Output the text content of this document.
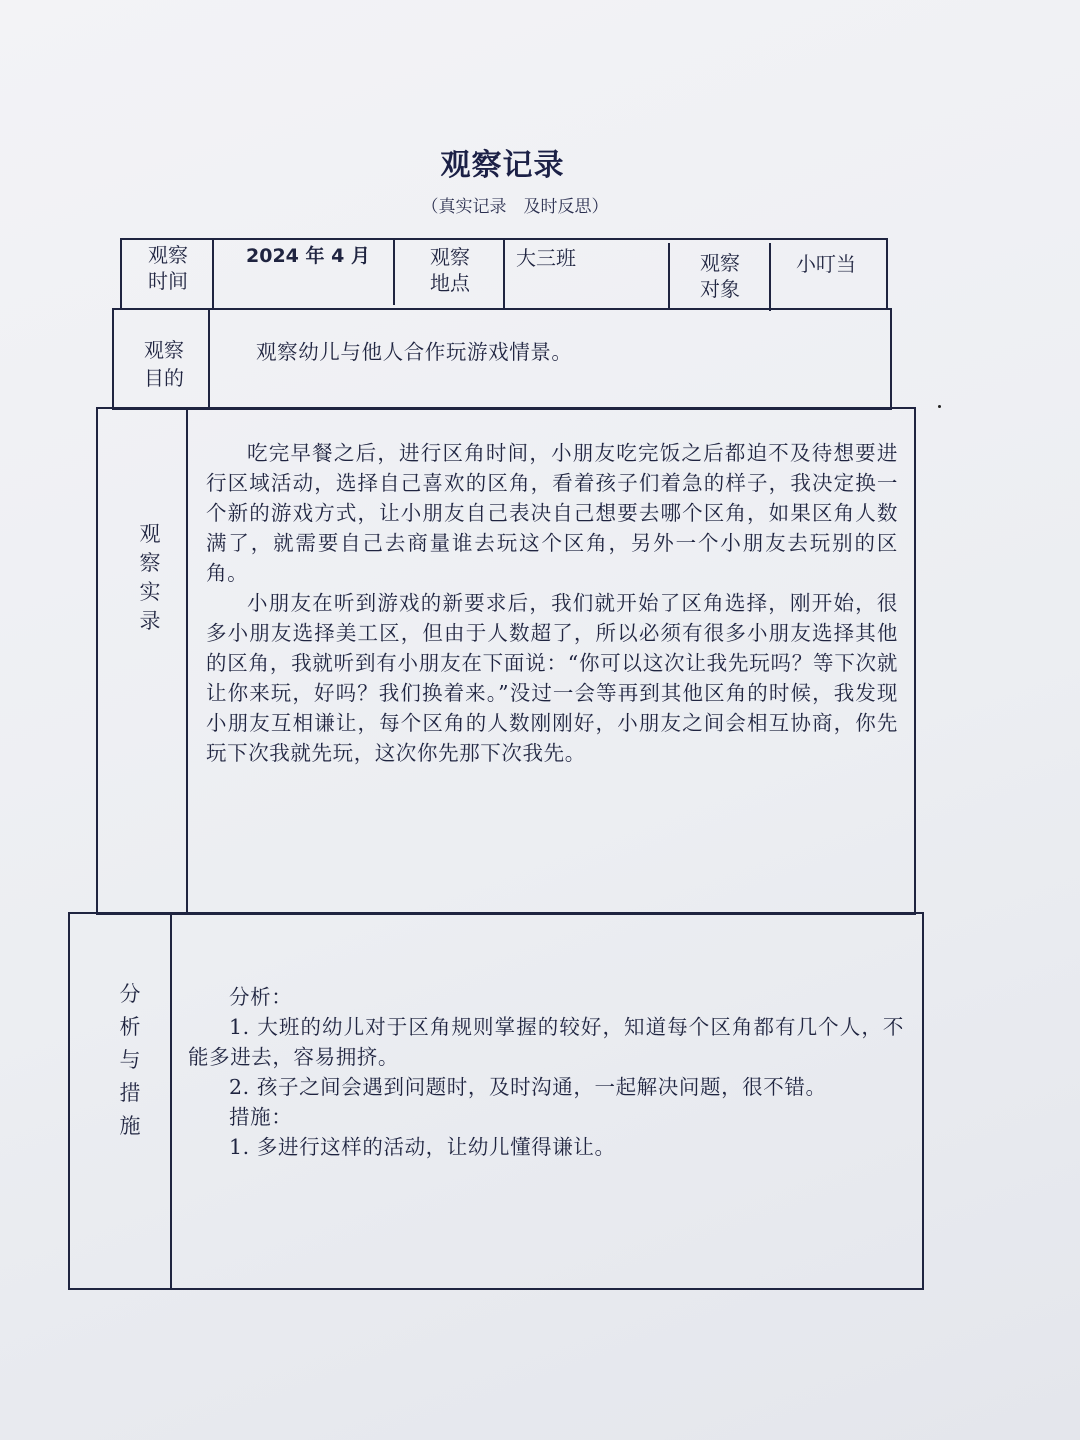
观察记录
（真实记录　及时反思）
观察
时间
2024 年 4 月	观察
地点
大三班	观察
对象
小叮当
观察
目的
观察幼儿与他人合作玩游戏情景。
观
察
实
录

吃完早餐之后，进行区角时间，小朋友吃完饭之后都迫不及待想要进行区域活动，选择自己喜欢的区角，看着孩子们着急的样子，我决定换一个新的游戏方式，让小朋友自己表决自己想要去哪个区角，如果区角人数满了，就需要自己去商量谁去玩这个区角，另外一个小朋友去玩别的区角。

小朋友在听到游戏的新要求后，我们就开始了区角选择，刚开始，很多小朋友选择美工区，但由于人数超了，所以必须有很多小朋友选择其他的区角，我就听到有小朋友在下面说：“你可以这次让我先玩吗？等下次就让你来玩，好吗？我们换着来。”没过一会等再到其他区角的时候，我发现小朋友互相谦让，每个区角的人数刚刚好，小朋友之间会相互协商，你先玩下次我就先玩，这次你先那下次我先。

分
析
与
措
施

分析：

1. 大班的幼儿对于区角规则掌握的较好，知道每个区角都有几个人，不能多进去，容易拥挤。

2. 孩子之间会遇到问题时，及时沟通，一起解决问题，很不错。

措施：

1. 多进行这样的活动，让幼儿懂得谦让。
